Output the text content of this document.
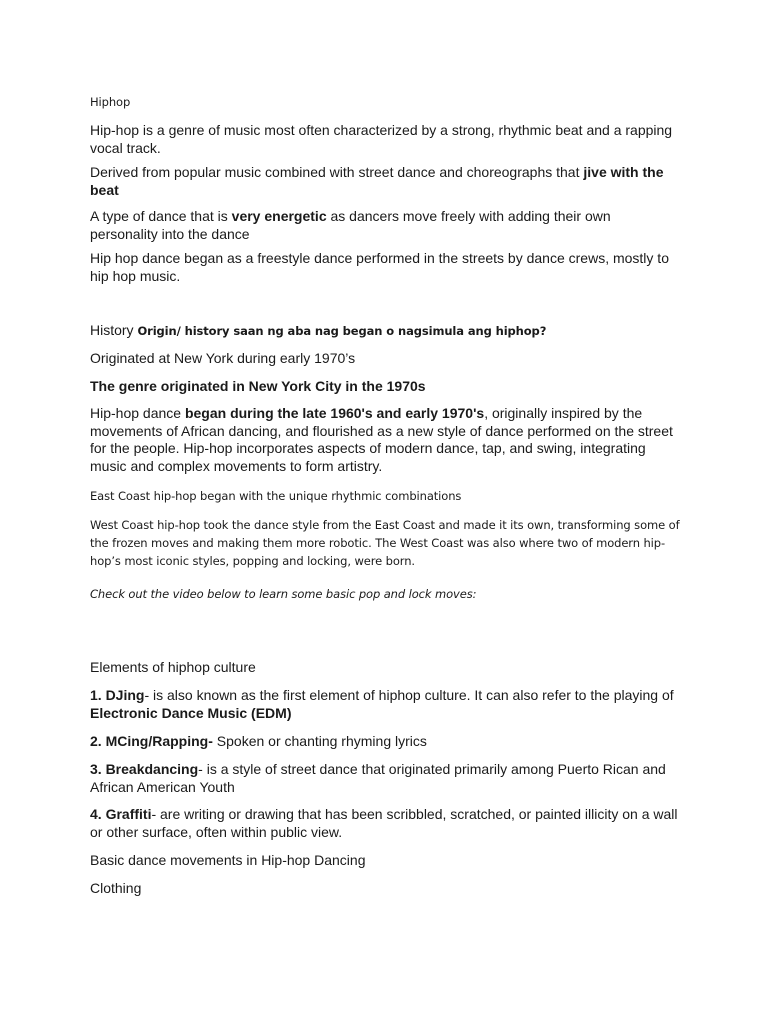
Hiphop

Hip-hop is a genre of music most often characterized by a strong, rhythmic beat and a rapping vocal track.

Derived from popular music combined with street dance and choreographs that jive with the beat

A type of dance that is very energetic as dancers move freely with adding their own personality into the dance

Hip hop dance began as a freestyle dance performed in the streets by dance crews, mostly to hip hop music.

History Origin/ history saan ng aba nag began o nagsimula ang hiphop?

Originated at New York during early 1970’s

The genre originated in New York City in the 1970s

Hip-hop dance began during the late 1960's and early 1970's, originally inspired by the movements of African dancing, and flourished as a new style of dance performed on the street for the people. Hip-hop incorporates aspects of modern dance, tap, and swing, integrating music and complex movements to form artistry.

East Coast hip-hop began with the unique rhythmic combinations

West Coast hip-hop took the dance style from the East Coast and made it its own, transforming some of the frozen moves and making them more robotic. The West Coast was also where two of modern hip-hop’s most iconic styles, popping and locking, were born.

Check out the video below to learn some basic pop and lock moves:

Elements of hiphop culture

1. DJing- is also known as the first element of hiphop culture. It can also refer to the playing of Electronic Dance Music (EDM)

2. MCing/Rapping- Spoken or chanting rhyming lyrics

3. Breakdancing- is a style of street dance that originated primarily among Puerto Rican and African American Youth

4. Graffiti- are writing or drawing that has been scribbled, scratched, or painted illicity on a wall or other surface, often within public view.

Basic dance movements in Hip-hop Dancing

Clothing
